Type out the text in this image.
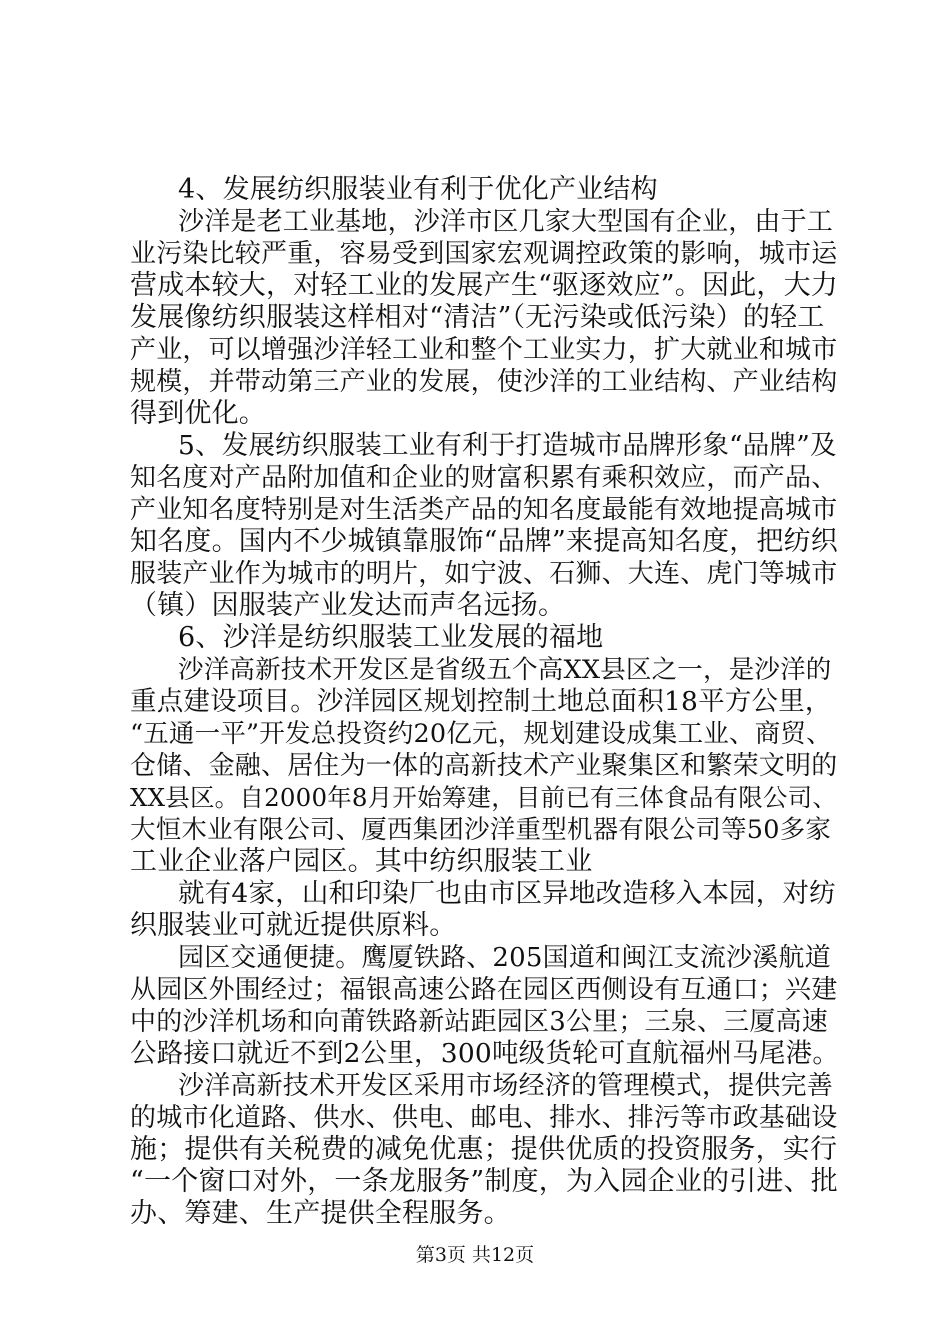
4、发展纺织服装业有利于优化产业结构
沙洋是老工业基地，沙洋市区几家大型国有企业，由于工
业污染比较严重，容易受到国家宏观调控政策的影响，城市运
营成本较大，对轻工业的发展产生“驱逐效应”。因此，大力
发展像纺织服装这样相对“清洁”（无污染或低污染）的轻工
产业，可以增强沙洋轻工业和整个工业实力，扩大就业和城市
规模，并带动第三产业的发展，使沙洋的工业结构、产业结构
得到优化。
5、发展纺织服装工业有利于打造城市品牌形象“品牌”及
知名度对产品附加值和企业的财富积累有乘积效应，而产品、
产业知名度特别是对生活类产品的知名度最能有效地提高城市
知名度。国内不少城镇靠服饰“品牌”来提高知名度，把纺织
服装产业作为城市的明片，如宁波、石狮、大连、虎门等城市
（镇）因服装产业发达而声名远扬。
6、沙洋是纺织服装工业发展的福地
沙洋高新技术开发区是省级五个高XX县区之一，是沙洋的
重点建设项目。沙洋园区规划控制土地总面积18平方公里，
“五通一平”开发总投资约20亿元，规划建设成集工业、商贸、
仓储、金融、居住为一体的高新技术产业聚集区和繁荣文明的
XX县区。自2000年8月开始筹建，目前已有三体食品有限公司、
大恒木业有限公司、厦西集团沙洋重型机器有限公司等50多家
工业企业落户园区。其中纺织服装工业
就有4家，山和印染厂也由市区异地改造移入本园，对纺
织服装业可就近提供原料。
园区交通便捷。鹰厦铁路、205国道和闽江支流沙溪航道
从园区外围经过；福银高速公路在园区西侧设有互通口；兴建
中的沙洋机场和向莆铁路新站距园区3公里；三泉、三厦高速
公路接口就近不到2公里，300吨级货轮可直航福州马尾港。
沙洋高新技术开发区采用市场经济的管理模式，提供完善
的城市化道路、供水、供电、邮电、排水、排污等市政基础设
施；提供有关税费的减免优惠；提供优质的投资服务，实行
“一个窗口对外，一条龙服务”制度，为入园企业的引进、批
办、筹建、生产提供全程服务。
第3页 共12页
